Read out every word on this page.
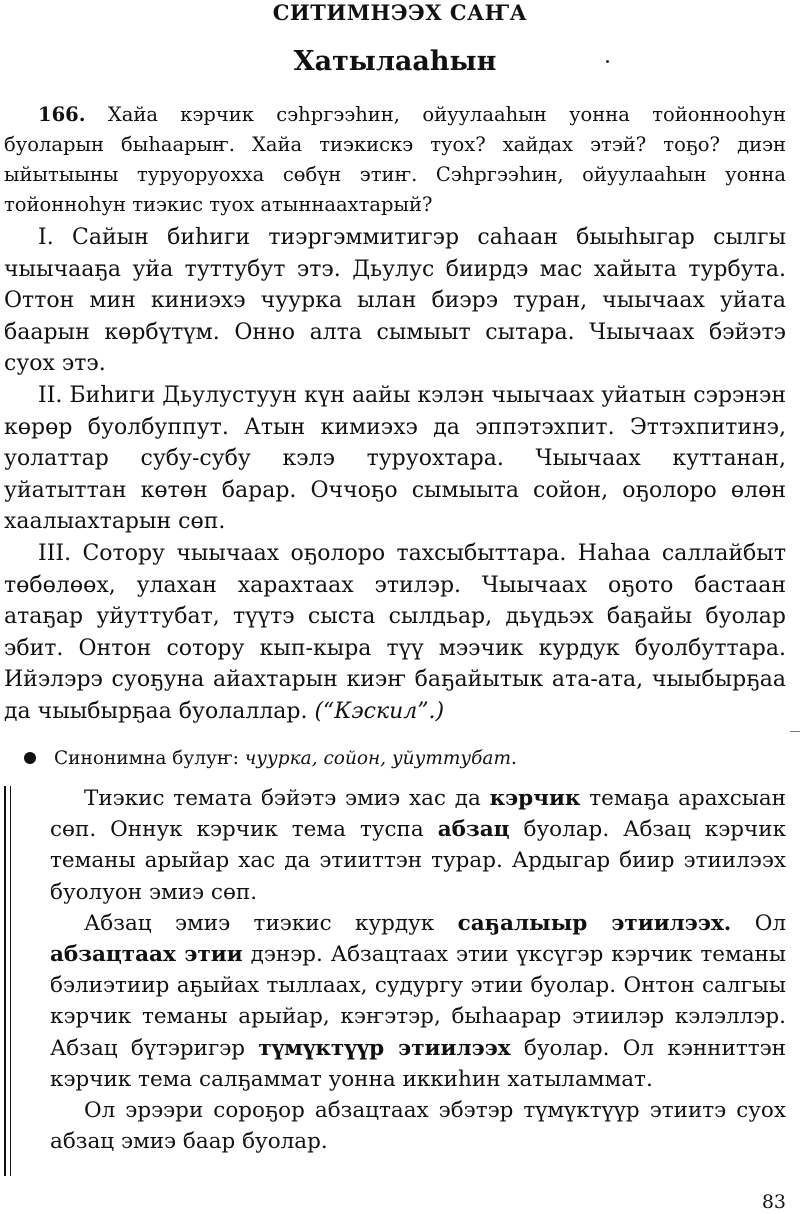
СИТИМНЭЭХ САҤА
Хатылааһын

166. Хайа кэрчик сэһргээһин, ойуулааһын уонна тойоннооһун буоларын быһаарыҥ. Хайа тиэкискэ туох? хайдах этэй? тоҕо? диэн ыйытыыны туруоруохха сөбүн этиҥ. Сэһргээһин, ойуулааһын уонна тойонноһун тиэкис туох атыннаахтарый?

I. Сайын биһиги тиэргэммитигэр саһаан быыһыгар сылгы чыычааҕа уйа туттубут этэ. Дьулус биирдэ мас хайыта турбута. Оттон мин киниэхэ чуурка ылан биэрэ туран, чыычаах уйата баарын көрбүтүм. Онно алта сымыыт сытара. Чыычаах бэйэтэ суох этэ.

II. Биһиги Дьулустуун күн аайы кэлэн чыычаах уйатын сэрэнэн көрөр буолбуппут. Атын кимиэхэ да эппэтэхпит. Эттэхпитинэ, уолаттар субу-субу кэлэ туруохтара. Чыычаах куттанан, уйатыттан көтөн барар. Оччоҕо сымыыта сойон, оҕолоро өлөн хаалыахтарын сөп.

III. Сотору чыычаах оҕолоро тахсыбыттара. Наһаа саллайбыт төбөлөөх, улахан харахтаах этилэр. Чыычаах оҕото бастаан атаҕар уйуттубат, түүтэ сыста сылдьар, дьүдьэх баҕайы буолар эбит. Онтон сотору кып-кыра түү мээчик курдук буолбуттара. Ийэлэрэ суоҕуна айахтарын киэҥ баҕайытык ата-ата, чыыбырҕаа да чыыбырҕаа буолаллар. (“Кэскил”.)

Синонимна булуҥ: чуурка, сойон, уйуттубат.

Тиэкис темата бэйэтэ эмиэ хас да кэрчик темаҕа арахсыан сөп. Оннук кэрчик тема туспа абзац буолар. Абзац кэрчик теманы арыйар хас да этииттэн турар. Ардыгар биир этиилээх буолуон эмиэ сөп.

Абзац эмиэ тиэкис курдук саҕалыыр этиилээх. Ол абзацтаах этии дэнэр. Абзацтаах этии үксүгэр кэрчик теманы бэлиэтиир аҕыйах тыллаах, судургу этии буолар. Онтон салгыы кэрчик теманы арыйар, кэҥэтэр, быһаарар этиилэр кэлэллэр. Абзац бүтэригэр түмүктүүр этиилээх буолар. Ол кэнниттэн кэрчик тема салҕаммат уонна иккиһин хатыламмат.

Ол эрээри сороҕор абзацтаах эбэтэр түмүктүүр этиитэ суох абзац эмиэ баар буолар.

83
